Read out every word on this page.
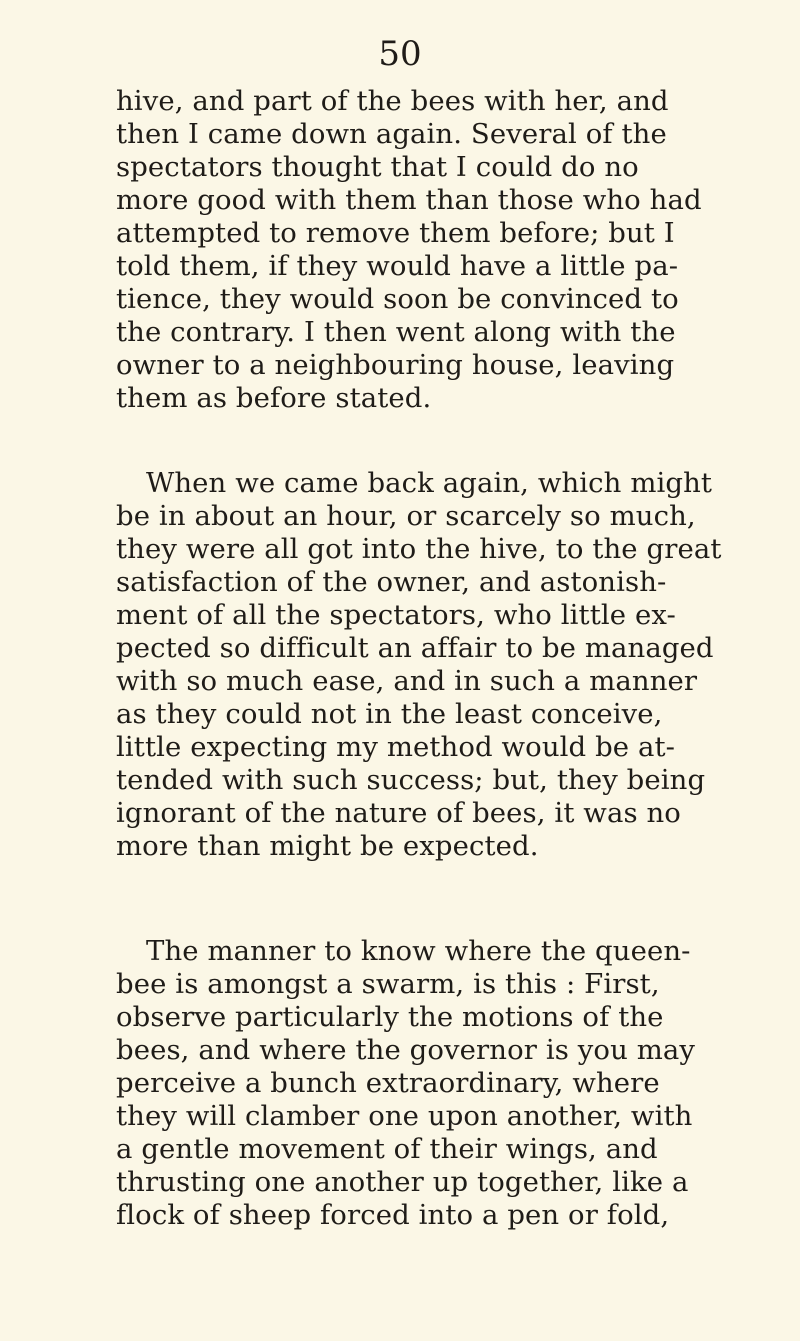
50
hive, and part of the bees with her, and
then I came down again. Several of the
spectators thought that I could do no
more good with them than those who had
attempted to remove them before; but I
told them, if they would have a little pa-
tience, they would soon be convinced to
the contrary. I then went along with the
owner to a neighbouring house, leaving
them as before stated.
When we came back again, which might
be in about an hour, or scarcely so much,
they were all got into the hive, to the great
satisfaction of the owner, and astonish-
ment of all the spectators, who little ex-
pected so difficult an affair to be managed
with so much ease, and in such a manner
as they could not in the least conceive,
little expecting my method would be at-
tended with such success; but, they being
ignorant of the nature of bees, it was no
more than might be expected.
The manner to know where the queen-
bee is amongst a swarm, is this : First,
observe particularly the motions of the
bees, and where the governor is you may
perceive a bunch extraordinary, where
they will clamber one upon another, with
a gentle movement of their wings, and
thrusting one another up together, like a
flock of sheep forced into a pen or fold,
